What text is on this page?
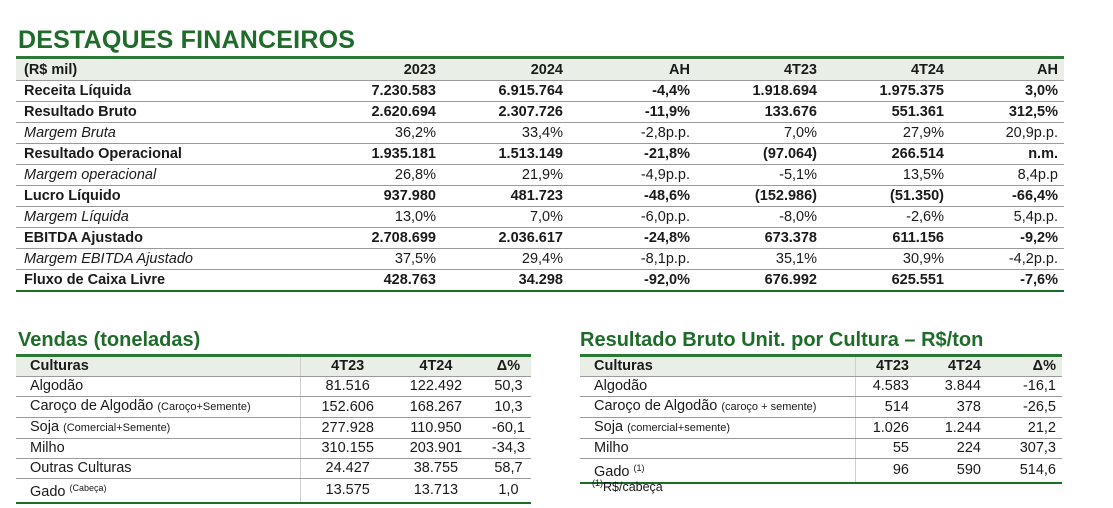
DESTAQUES FINANCEIROS
(R$ mil)	2023	2024	AH	4T23	4T24	AH
Receita Líquida	7.230.583	6.915.764	-4,4%	1.918.694	1.975.375	3,0%
Resultado Bruto	2.620.694	2.307.726	-11,9%	133.676	551.361	312,5%
Margem Bruta	36,2%	33,4%	-2,8p.p.	7,0%	27,9%	20,9p.p.
Resultado Operacional	1.935.181	1.513.149	-21,8%	(97.064)	266.514	n.m.
Margem operacional	26,8%	21,9%	-4,9p.p.	-5,1%	13,5%	8,4p.p
Lucro Líquido	937.980	481.723	-48,6%	(152.986)	(51.350)	-66,4%
Margem Líquida	13,0%	7,0%	-6,0p.p.	-8,0%	-2,6%	5,4p.p.
EBITDA Ajustado	2.708.699	2.036.617	-24,8%	673.378	611.156	-9,2%
Margem EBITDA Ajustado	37,5%	29,4%	-8,1p.p.	35,1%	30,9%	-4,2p.p.
Fluxo de Caixa Livre	428.763	34.298	-92,0%	676.992	625.551	-7,6%
Vendas (toneladas)
Culturas	4T23	4T24	Δ%
Algodão	81.516	122.492	50,3
Caroço de Algodão (Caroço+Semente)	152.606	168.267	10,3
Soja (Comercial+Semente)	277.928	110.950	-60,1
Milho	310.155	203.901	-34,3
Outras Culturas	24.427	38.755	58,7
Gado $^{(Cabeça)}$	13.575	13.713	1,0
Resultado Bruto Unit. por Cultura – R$/ton
Culturas	4T23	4T24	Δ%
Algodão	4.583	3.844	-16,1
Caroço de Algodão (caroço + semente)	514	378	-26,5
Soja (comercial+semente)	1.026	1.244	21,2
Milho	55	224	307,3
Gado $^{(1)}$	96	590	514,6
$^{(1)}$R$/cabeça
